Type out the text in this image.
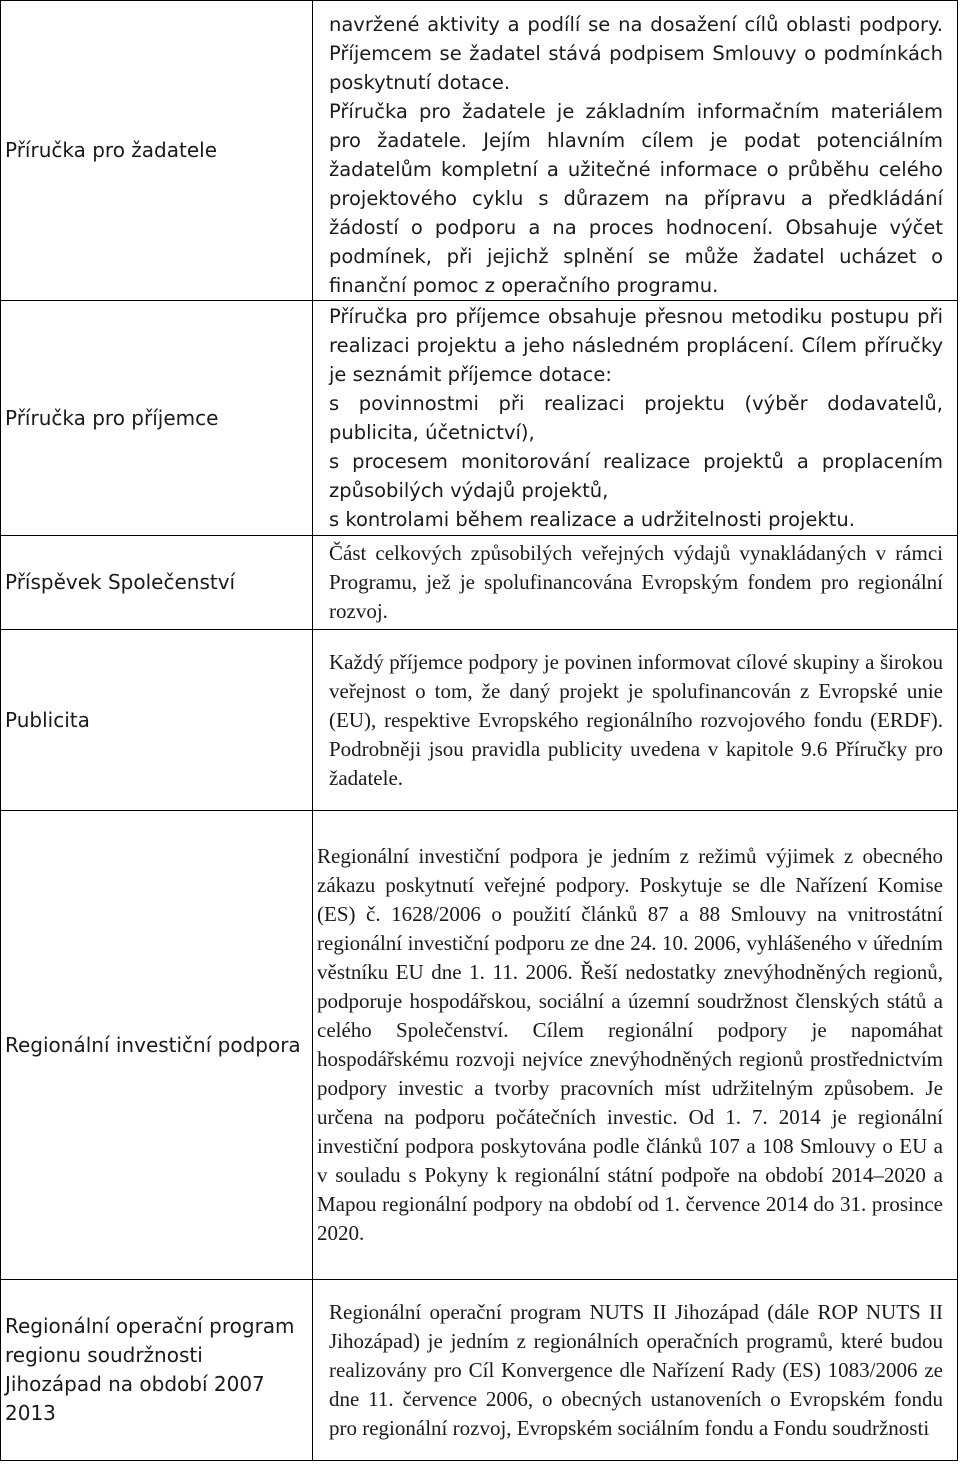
Příručka pro žadatele	navržené aktivity a podílí se na dosažení cílů oblasti podpory. Příjemcem se žadatel stává podpisem Smlouvy o podmínkách poskytnutí dotace.

Příručka pro žadatele je základním informačním materiálem pro žadatele. Jejím hlavním cílem je podat potenciálním žadatelům kompletní a užitečné informace o průběhu celého projektového cyklu s důrazem na přípravu a předkládání žádostí o podporu a na proces hodnocení. Obsahuje výčet podmínek, při jejichž splnění se může žadatel ucházet o finanční pomoc z operačního programu.

Příručka pro příjemce	Příručka pro příjemce obsahuje přesnou metodiku postupu při realizaci projektu a jeho následném proplácení. Cílem příručky je seznámit příjemce dotace:

s povinnostmi při realizaci projektu (výběr dodavatelů, publicita, účetnictví),

s procesem monitorování realizace projektů a proplacením způsobilých výdajů projektů,

s kontrolami během realizace a udržitelnosti projektu.

Příspěvek Společenství	Část celkových způsobilých veřejných výdajů vynakládaných v rámci Programu, jež je spolufinancována Evropským fondem pro regionální rozvoj.

Publicita	Každý příjemce podpory je povinen informovat cílové skupiny a širokou veřejnost o tom, že daný projekt je spolufinancován z Evropské unie (EU), respektive Evropského regionálního rozvojového fondu (ERDF). Podrobněji jsou pravidla publicity uvedena v kapitole 9.6 Příručky pro žadatele.

Regionální investiční podpora	Regionální investiční podpora je jedním z režimů výjimek z obecného zákazu poskytnutí veřejné podpory. Poskytuje se dle Nařízení Komise (ES) č. 1628/2006 o použití článků 87 a 88 Smlouvy na vnitrostátní regionální investiční podporu ze dne 24. 10. 2006, vyhlášeného v úředním věstníku EU dne 1. 11. 2006. Řeší nedostatky znevýhodněných regionů, podporuje hospodářskou, sociální a územní soudržnost členských států a celého Společenství. Cílem regionální podpory je napomáhat hospodářskému rozvoji nejvíce znevýhodněných regionů prostřednictvím podpory investic a tvorby pracovních míst udržitelným způsobem. Je určena na podporu počátečních investic. Od 1. 7. 2014 je regionální investiční podpora poskytována podle článků 107 a 108 Smlouvy o EU a v souladu s Pokyny k regionální státní podpoře na období 2014–2020 a Mapou regionální podpory na období od 1. července 2014 do 31. prosince 2020.

Regionální operační program regionu soudržnosti Jihozápad na období 2007 2013	Regionální operační program NUTS II Jihozápad (dále ROP NUTS II Jihozápad) je jedním z regionálních operačních programů, které budou realizovány pro Cíl Konvergence dle Nařízení Rady (ES) 1083/2006 ze dne 11. července 2006, o obecných ustanoveních o Evropském fondu pro regionální rozvoj, Evropském sociálním fondu a Fondu soudržnosti
